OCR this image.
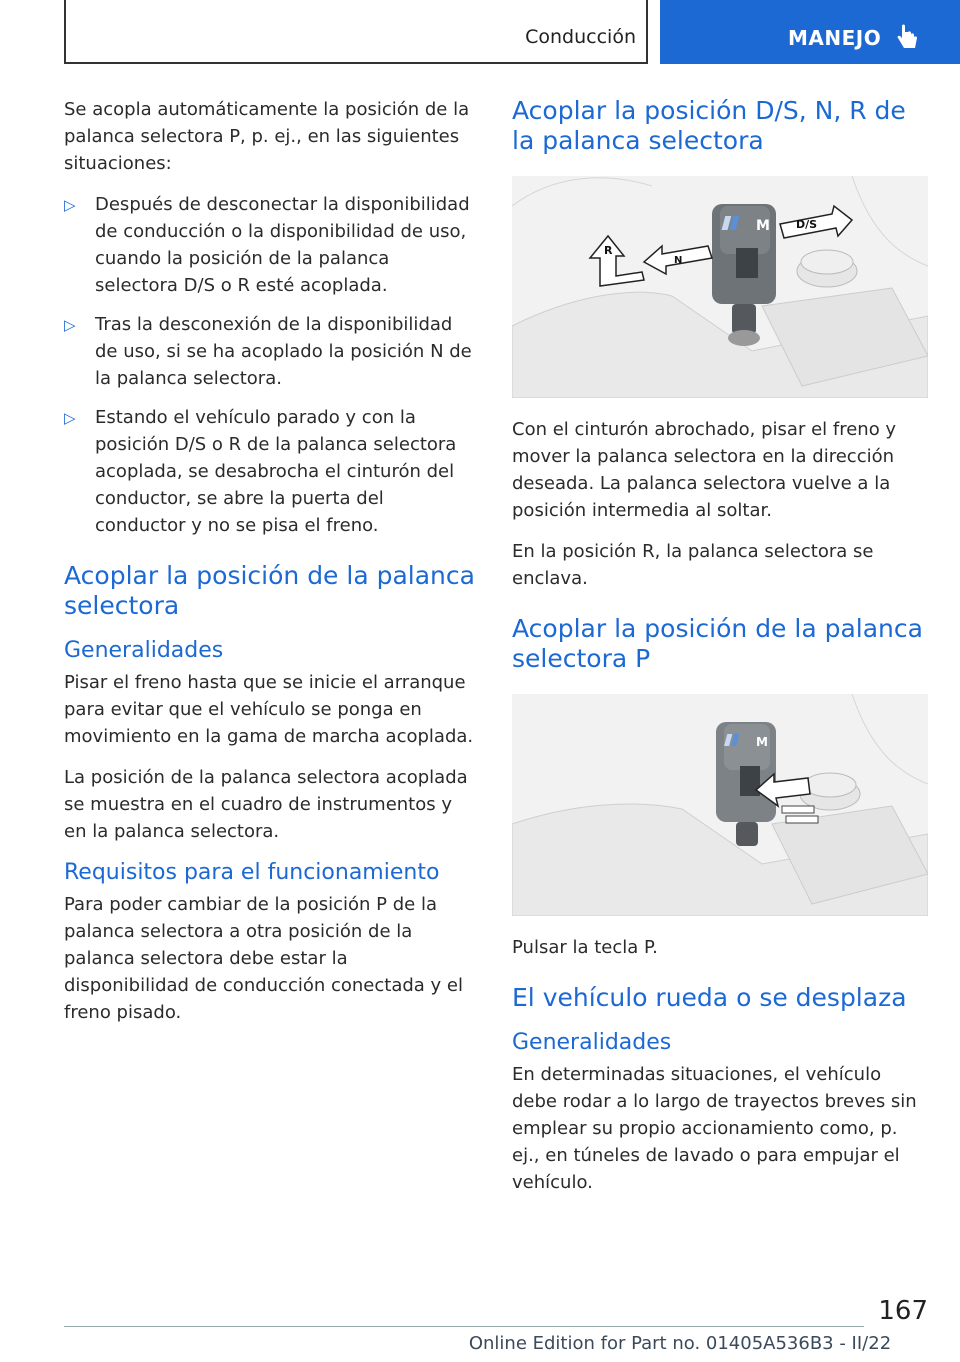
Conducción	MANEJO

Se acopla automáticamente la posición de la palanca selectora P, p. ej., en las siguientes situaciones:

▷ Después de desconectar la disponibilidad de conducción o la disponibilidad de uso, cuando la posición de la palanca selectora D/S o R esté acoplada.
▷ Tras la desconexión de la disponibilidad de uso, si se ha acoplado la posición N de la palanca selectora.
▷ Estando el vehículo parado y con la posición D/S o R de la palanca selectora acoplada, se desabrocha el cinturón del conductor, se abre la puerta del conductor y no se pisa el freno.
Acoplar la posición de la palanca selectora
Generalidades

Pisar el freno hasta que se inicie el arranque para evitar que el vehículo se ponga en movimiento en la gama de marcha acoplada.

La posición de la palanca selectora acoplada se muestra en el cuadro de instrumentos y en la palanca selectora.

Requisitos para el funcionamiento

Para poder cambiar de la posición P de la palanca selectora a otra posición de la palanca selectora debe estar la disponibilidad de conducción conectada y el freno pisado.

Acoplar la posición D/S, N, R de la palanca selectora
M D/S
N
R

Con el cinturón abrochado, pisar el freno y mover la palanca selectora en la dirección deseada. La palanca selectora vuelve a la posición intermedia al soltar.

En la posición R, la palanca selectora se enclava.

Acoplar la posición de la palanca selectora P
M

Pulsar la tecla P.

El vehículo rueda o se desplaza
Generalidades

En determinadas situaciones, el vehículo debe rodar a lo largo de trayectos breves sin emplear su propio accionamiento como, p. ej., en túneles de lavado o para empujar el vehículo.

167
Online Edition for Part no. 01405A536B3 - II/22
